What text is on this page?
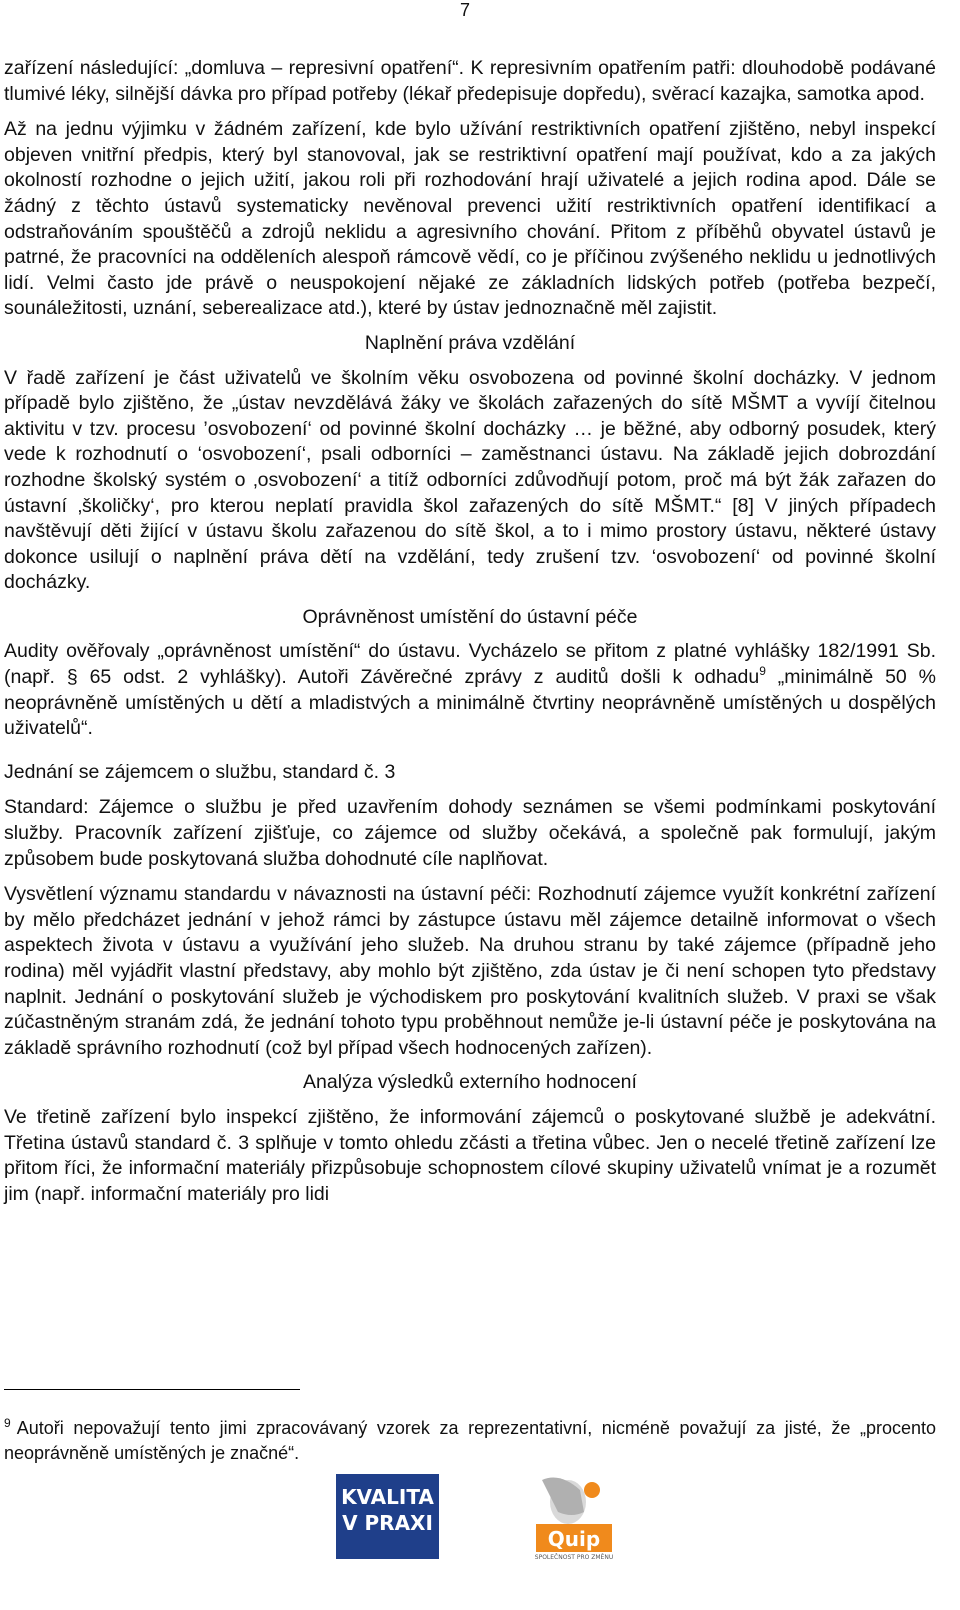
7

zařízení následující: „domluva – represivní opatření“. K represivním opatřením patři: dlouhodobě podávané tlumivé léky, silnější dávka pro případ potřeby (lékař předepisuje dopředu), svěrací kazajka, samotka apod.

Až na jednu výjimku v žádném zařízení, kde bylo užívání restriktivních opatření zjištěno, nebyl inspekcí objeven vnitřní předpis, který byl stanovoval, jak se restriktivní opatření mají používat, kdo a za jakých okolností rozhodne o jejich užití, jakou roli při rozhodování hrají uživatelé a jejich rodina apod. Dále se žádný z těchto ústavů systematicky nevěnoval prevenci užití restriktivních opatření identifikací a odstraňováním spouštěčů a zdrojů neklidu a agresivního chování. Přitom z příběhů obyvatel ústavů je patrné, že pracovníci na odděleních alespoň rámcově vědí, co je příčinou zvýšeného neklidu u jednotlivých lidí. Velmi často jde právě o neuspokojení nějaké ze základních lidských potřeb (potřeba bezpečí, sounáležitosti, uznání, seberealizace atd.), které by ústav jednoznačně měl zajistit.

Naplnění práva vzdělání

V řadě zařízení je část uživatelů ve školním věku osvobozena od povinné školní docházky. V jednom případě bylo zjištěno, že „ústav nevzdělává žáky ve školách zařazených do sítě MŠMT a vyvíjí čitelnou aktivitu v tzv. procesu ’osvobození‘ od povinné školní docházky … je běžné, aby odborný posudek, který vede k rozhodnutí o ‘osvobození‘, psali odborníci – zaměstnanci ústavu. Na základě jejich dobrozdání rozhodne školský systém o ‚osvobození‘ a titíž odborníci zdůvodňují potom, proč má být žák zařazen do ústavní ‚školičky‘, pro kterou neplatí pravidla škol zařazených do sítě MŠMT.“ [8] V jiných případech navštěvují děti žijící v ústavu školu zařazenou do sítě škol, a to i mimo prostory ústavu, některé ústavy dokonce usilují o naplnění práva dětí na vzdělání, tedy zrušení tzv. ‘osvobození‘ od povinné školní docházky.

Oprávněnost umístění do ústavní péče

Audity ověřovaly „oprávněnost umístění“ do ústavu. Vycházelo se přitom z platné vyhlášky 182/1991 Sb. (např. § 65 odst. 2 vyhlášky). Autoři Závěrečné zprávy z auditů došli k odhadu$^9$ „minimálně 50 % neoprávněně umístěných u dětí a mladistvých a minimálně čtvrtiny neoprávněně umístěných u dospělých uživatelů“.

Jednání se zájemcem o službu, standard č. 3

Standard: Zájemce o službu je před uzavřením dohody seznámen se všemi podmínkami poskytování služby. Pracovník zařízení zjišťuje, co zájemce od služby očekává, a společně pak formulují, jakým způsobem bude poskytovaná služba dohodnuté cíle naplňovat.

Vysvětlení významu standardu v návaznosti na ústavní péči: Rozhodnutí zájemce využít konkrétní zařízení by mělo předcházet jednání v jehož rámci by zástupce ústavu měl zájemce detailně informovat o všech aspektech života v ústavu a využívání jeho služeb. Na druhou stranu by také zájemce (případně jeho rodina) měl vyjádřit vlastní představy, aby mohlo být zjištěno, zda ústav je či není schopen tyto představy naplnit. Jednání o poskytování služeb je východiskem pro poskytování kvalitních služeb. V praxi se však zúčastněným stranám zdá, že jednání tohoto typu proběhnout nemůže je-li ústavní péče je poskytována na základě správního rozhodnutí (což byl případ všech hodnocených zařízen).

Analýza výsledků externího hodnocení

Ve třetině zařízení bylo inspekcí zjištěno, že informování zájemců o poskytované službě je adekvátní. Třetina ústavů standard č. 3 splňuje v tomto ohledu zčásti a třetina vůbec. Jen o necelé třetině zařízení lze přitom říci, že informační materiály přizpůsobuje schopnostem cílové skupiny uživatelů vnímat je a rozumět jim (např. informační materiály pro lidi

$^9$ Autoři nepovažují tento jimi zpracovávaný vzorek za reprezentativní, nicméně považují za jisté, že „procento neoprávněně umístěných je značné“.
KVALITA
V PRAXI
Quip
SPOLEČNOST PRO ZMĚNU
